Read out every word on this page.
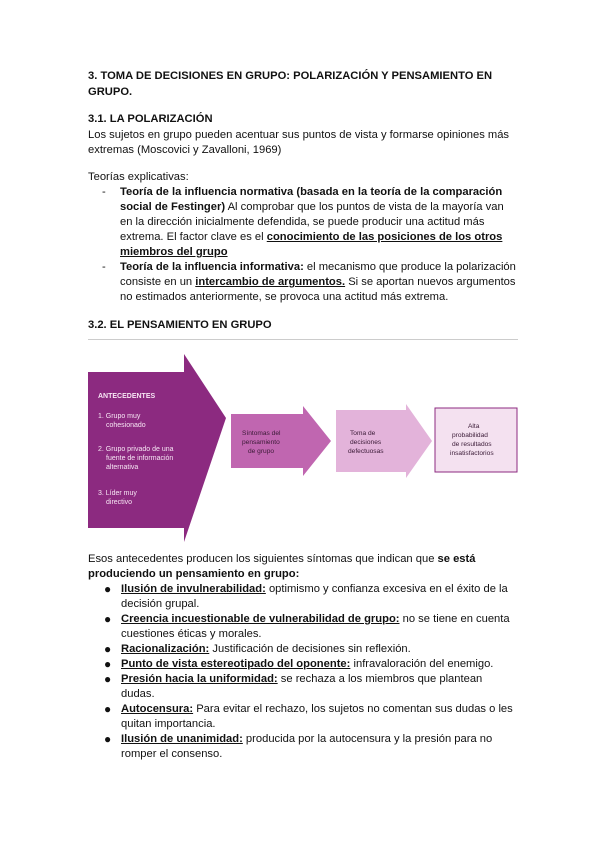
3. TOMA DE DECISIONES EN GRUPO: POLARIZACIÓN Y PENSAMIENTO EN GRUPO.
3.1. LA POLARIZACIÓN

Los sujetos en grupo pueden acentuar sus puntos de vista y formarse opiniones más extremas (Moscovici y Zavalloni, 1969)

Teorías explicativas:

- Teoría de la influencia normativa (basada en la teoría de la comparación social de Festinger) Al comprobar que los puntos de vista de la mayoría van en la dirección inicialmente defendida, se puede producir una actitud más extrema. El factor clave es el conocimiento de las posiciones de los otros miembros del grupo
- Teoría de la influencia informativa: el mecanismo que produce la polarización consiste en un intercambio de argumentos. Si se aportan nuevos argumentos no estimados anteriormente, se provoca una actitud más extrema.
3.2. EL PENSAMIENTO EN GRUPO
ANTECEDENTES
1. Grupo muy
cohesionado
2. Grupo privado de una
fuente de información
alternativa
3. Líder muy
directivo
Síntomas del
pensamiento
de grupo
Toma de
decisiones
defectuosas
Alta
probabilidad
de resultados
insatisfactorios

Esos antecedentes producen los siguientes síntomas que indican que se está produciendo un pensamiento en grupo:

● Ilusión de invulnerabilidad: optimismo y confianza excesiva en el éxito de la decisión grupal.
● Creencia incuestionable de vulnerabilidad de grupo: no se tiene en cuenta cuestiones éticas y morales.
● Racionalización: Justificación de decisiones sin reflexión.
● Punto de vista estereotipado del oponente: infravaloración del enemigo.
● Presión hacia la uniformidad: se rechaza a los miembros que plantean dudas.
● Autocensura: Para evitar el rechazo, los sujetos no comentan sus dudas o les quitan importancia.
● Ilusión de unanimidad: producida por la autocensura y la presión para no romper el consenso.
